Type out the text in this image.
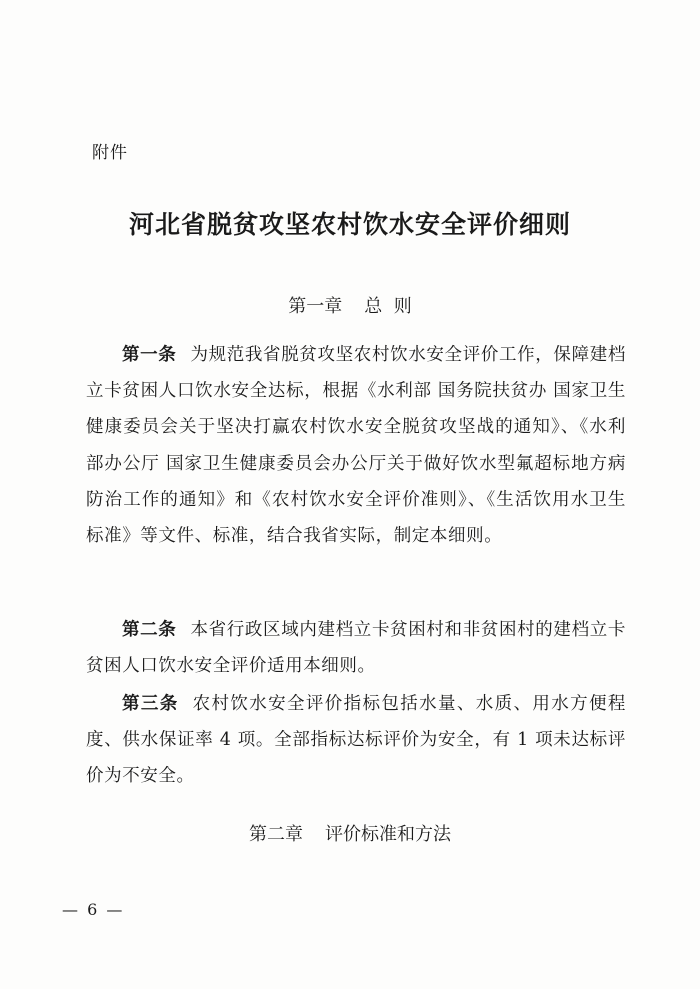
附件
河北省脱贫攻坚农村饮水安全评价细则
第一章 总  则
第一条 为规范我省脱贫攻坚农村饮水安全评价工作，保障建档立卡贫困人口饮水安全达标，根据《水利部 国务院扶贫办 国家卫生健康委员会关于坚决打赢农村饮水安全脱贫攻坚战的通知》、《水利部办公厅 国家卫生健康委员会办公厅关于做好饮水型氟超标地方病防治工作的通知》和《农村饮水安全评价准则》、《生活饮用水卫生标准》等文件、标准，结合我省实际，制定本细则。
第二条 本省行政区域内建档立卡贫困村和非贫困村的建档立卡贫困人口饮水安全评价适用本细则。
第三条 农村饮水安全评价指标包括水量、水质、用水方便程度、供水保证率 4 项。全部指标达标评价为安全，有 1 项未达标评价为不安全。
第二章 评价标准和方法
— 6 —
